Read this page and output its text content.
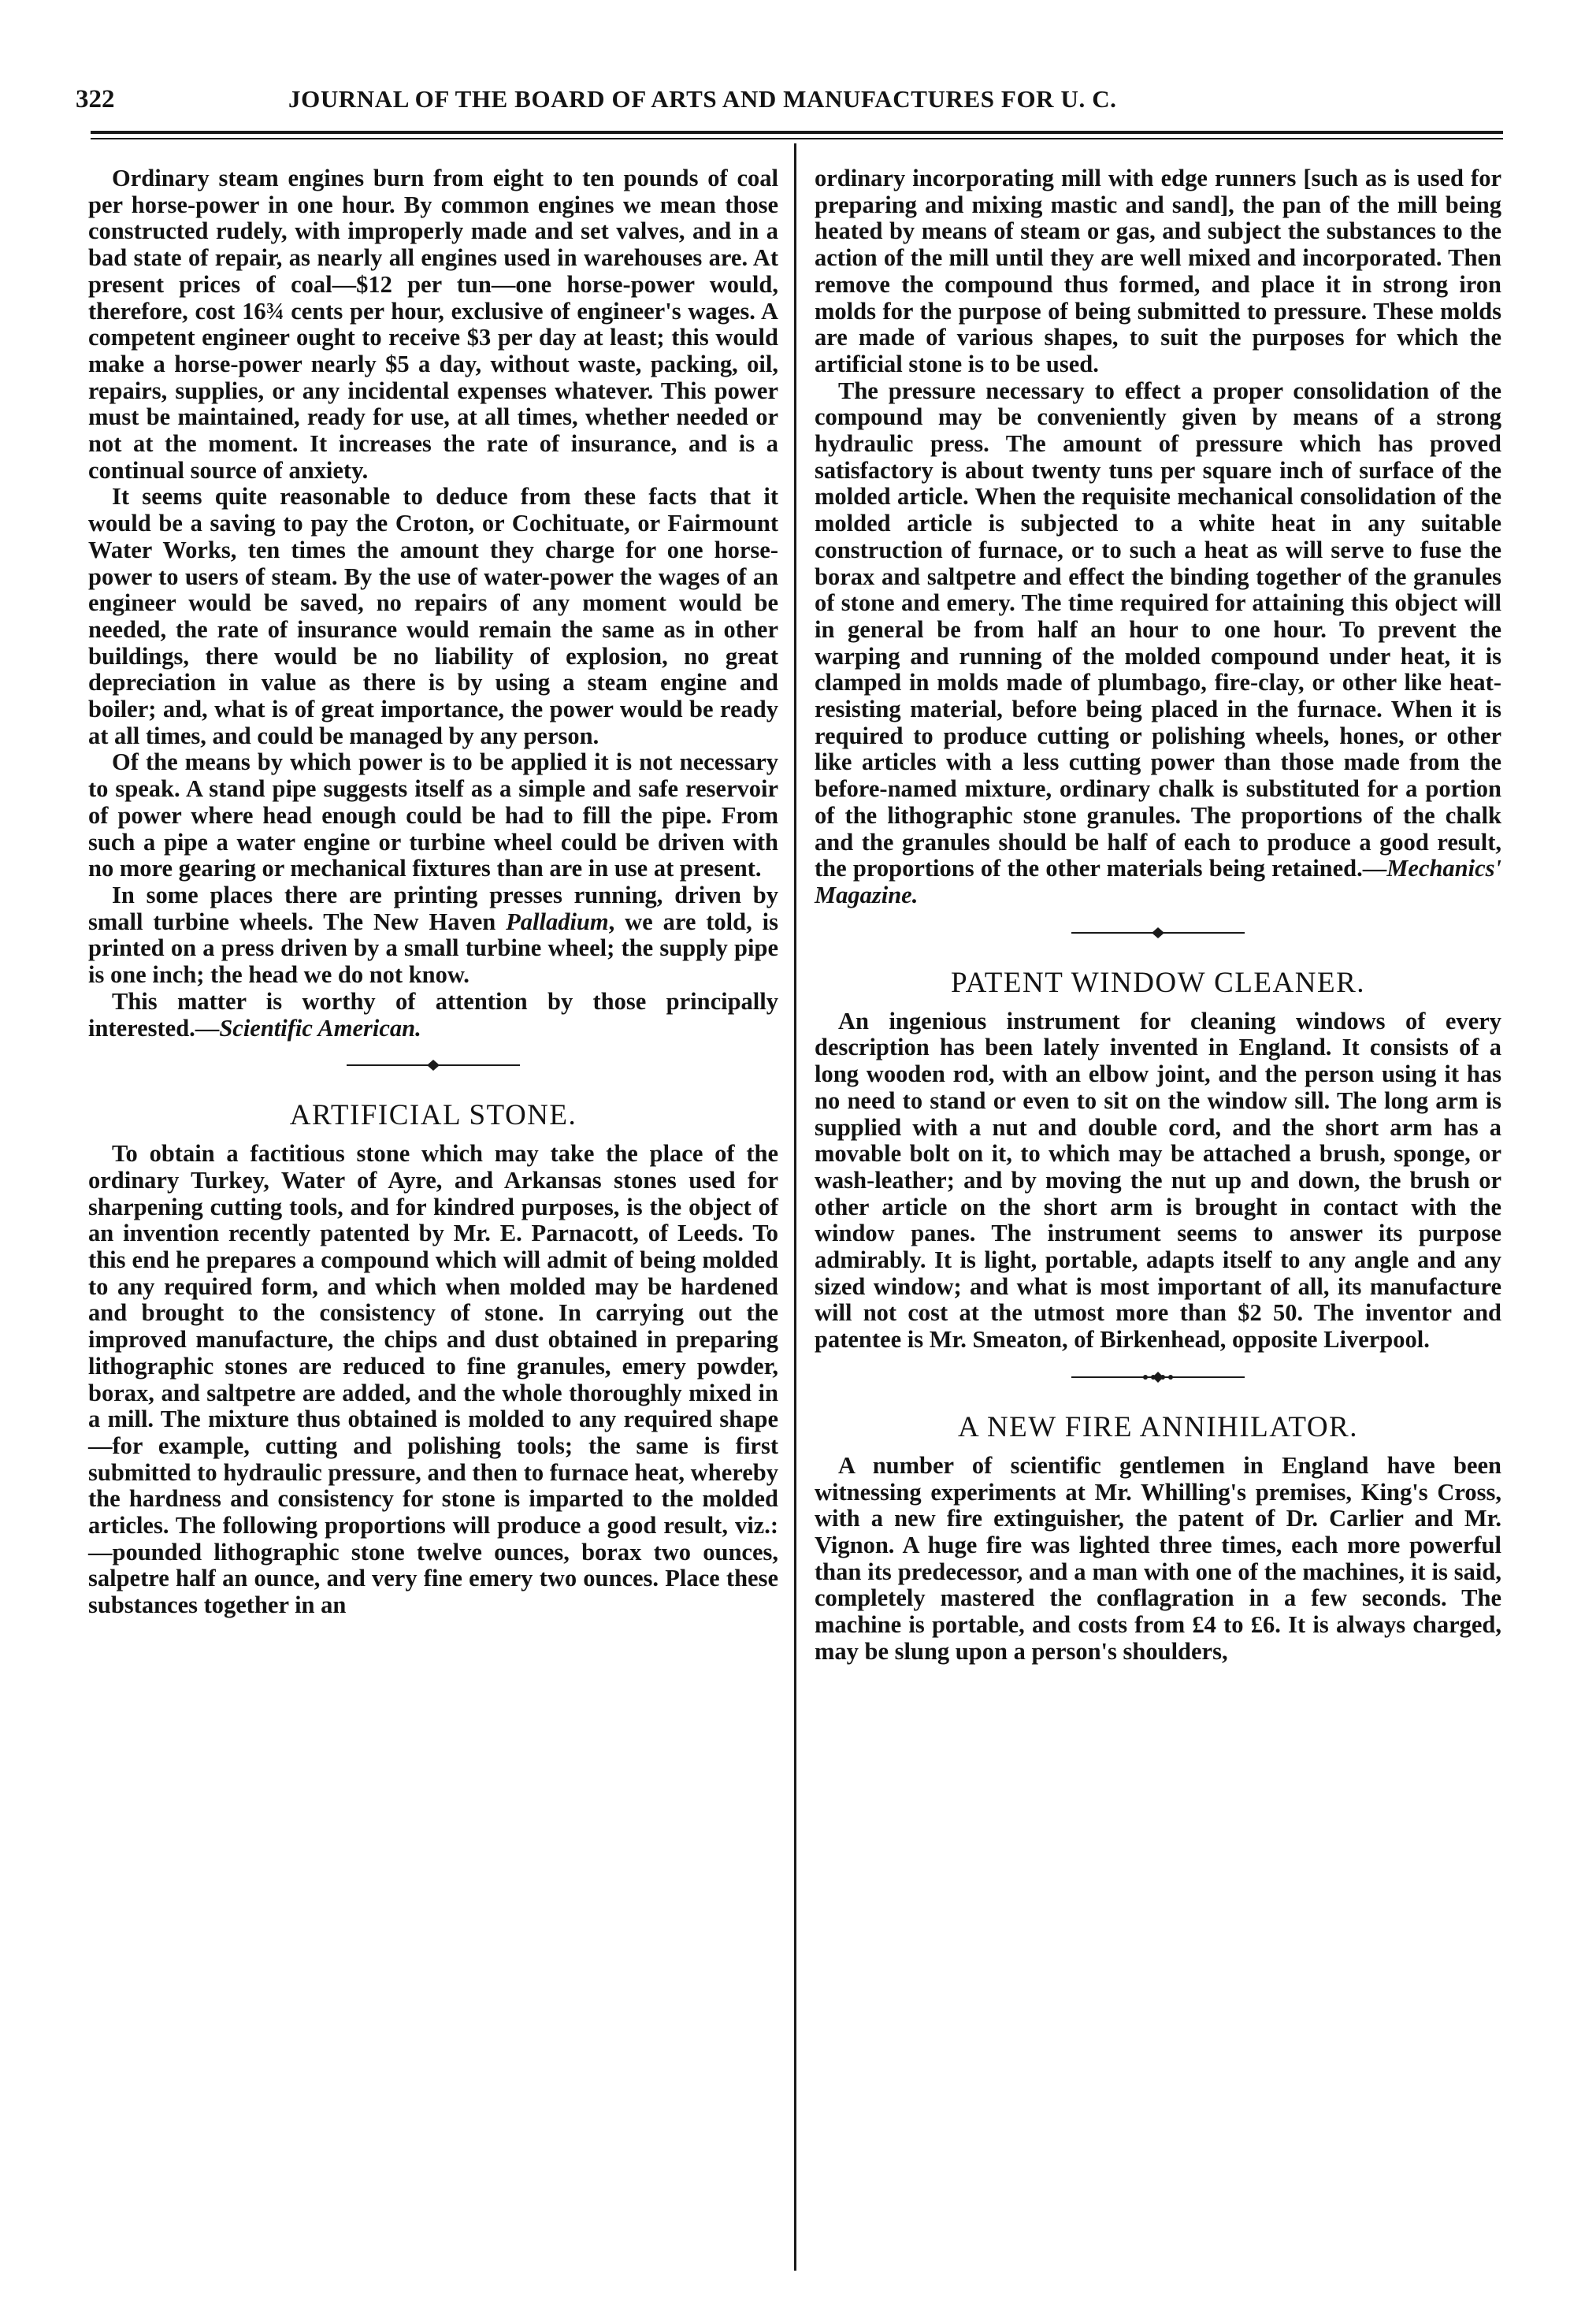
322	JOURNAL OF THE BOARD OF ARTS AND MANUFACTURES FOR U. C.

Ordinary steam engines burn from eight to ten pounds of coal per horse-power in one hour. By common engines we mean those constructed rudely, with improperly made and set valves, and in a bad state of repair, as nearly all engines used in warehouses are. At present prices of coal—$12 per tun—one horse-power would, therefore, cost 16¾ cents per hour, exclusive of engineer's wages. A competent engineer ought to receive $3 per day at least; this would make a horse-power nearly $5 a day, without waste, packing, oil, repairs, supplies, or any incidental expenses whatever. This power must be maintained, ready for use, at all times, whether needed or not at the moment. It increases the rate of insurance, and is a continual source of anxiety.

It seems quite reasonable to deduce from these facts that it would be a saving to pay the Croton, or Cochituate, or Fairmount Water Works, ten times the amount they charge for one horse-power to users of steam. By the use of water-power the wages of an engineer would be saved, no repairs of any moment would be needed, the rate of insurance would remain the same as in other buildings, there would be no liability of explosion, no great depreciation in value as there is by using a steam engine and boiler; and, what is of great importance, the power would be ready at all times, and could be managed by any person.

Of the means by which power is to be applied it is not necessary to speak. A stand pipe suggests itself as a simple and safe reservoir of power where head enough could be had to fill the pipe. From such a pipe a water engine or turbine wheel could be driven with no more gearing or mechanical fixtures than are in use at present.

In some places there are printing presses running, driven by small turbine wheels. The New Haven Palladium, we are told, is printed on a press driven by a small turbine wheel; the supply pipe is one inch; the head we do not know.

This matter is worthy of attention by those principally interested.—Scientific American.

ARTIFICIAL STONE.

To obtain a factitious stone which may take the place of the ordinary Turkey, Water of Ayre, and Arkansas stones used for sharpening cutting tools, and for kindred purposes, is the object of an invention recently patented by Mr. E. Parnacott, of Leeds. To this end he prepares a compound which will admit of being molded to any required form, and which when molded may be hardened and brought to the consistency of stone. In carrying out the improved manufacture, the chips and dust obtained in preparing lithographic stones are reduced to fine granules, emery powder, borax, and saltpetre are added, and the whole thoroughly mixed in a mill. The mixture thus obtained is molded to any required shape—for example, cutting and polishing tools; the same is first submitted to hydraulic pressure, and then to furnace heat, whereby the hardness and consistency for stone is imparted to the molded articles. The following proportions will produce a good result, viz.:—pounded lithographic stone twelve ounces, borax two ounces, salpetre half an ounce, and very fine emery two ounces. Place these substances together in an

ordinary incorporating mill with edge runners [such as is used for preparing and mixing mastic and sand], the pan of the mill being heated by means of steam or gas, and subject the substances to the action of the mill until they are well mixed and incorporated. Then remove the compound thus formed, and place it in strong iron molds for the purpose of being submitted to pressure. These molds are made of various shapes, to suit the purposes for which the artificial stone is to be used.

The pressure necessary to effect a proper consolidation of the compound may be conveniently given by means of a strong hydraulic press. The amount of pressure which has proved satisfactory is about twenty tuns per square inch of surface of the molded article. When the requisite mechanical consolidation of the molded article is subjected to a white heat in any suitable construction of furnace, or to such a heat as will serve to fuse the borax and saltpetre and effect the binding together of the granules of stone and emery. The time required for attaining this object will in general be from half an hour to one hour. To prevent the warping and running of the molded compound under heat, it is clamped in molds made of plumbago, fire-clay, or other like heat-resisting material, before being placed in the furnace. When it is required to produce cutting or polishing wheels, hones, or other like articles with a less cutting power than those made from the before-named mixture, ordinary chalk is substituted for a portion of the lithographic stone granules. The proportions of the chalk and the granules should be half of each to produce a good result, the proportions of the other materials being retained.—Mechanics' Magazine.

PATENT WINDOW CLEANER.

An ingenious instrument for cleaning windows of every description has been lately invented in England. It consists of a long wooden rod, with an elbow joint, and the person using it has no need to stand or even to sit on the window sill. The long arm is supplied with a nut and double cord, and the short arm has a movable bolt on it, to which may be attached a brush, sponge, or wash-leather; and by moving the nut up and down, the brush or other article on the short arm is brought in contact with the window panes. The instrument seems to answer its purpose admirably. It is light, portable, adapts itself to any angle and any sized window; and what is most important of all, its manufacture will not cost at the utmost more than $2 50. The inventor and patentee is Mr. Smeaton, of Birkenhead, opposite Liverpool.

A NEW FIRE ANNIHILATOR.

A number of scientific gentlemen in England have been witnessing experiments at Mr. Whilling's premises, King's Cross, with a new fire extinguisher, the patent of Dr. Carlier and Mr. Vignon. A huge fire was lighted three times, each more powerful than its predecessor, and a man with one of the machines, it is said, completely mastered the conflagration in a few seconds. The machine is portable, and costs from £4 to £6. It is always charged, may be slung upon a person's shoulders,
